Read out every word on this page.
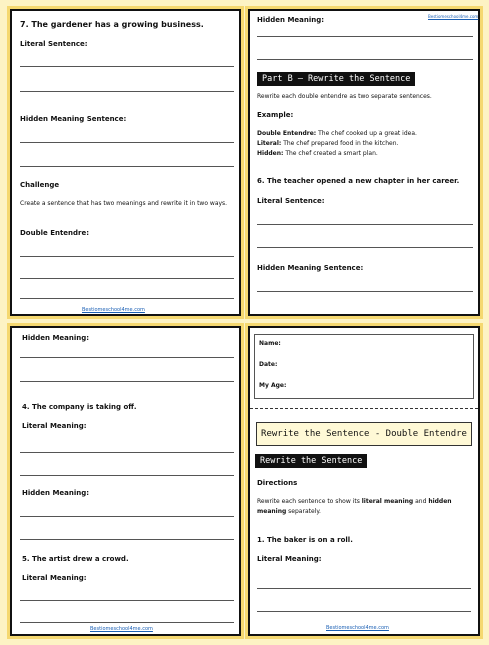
7. The gardener has a growing business.
Literal Sentence:
Hidden Meaning Sentence:
Challenge
Create a sentence that has two meanings and rewrite it in two ways.
Double Entendre:
Bestiomeschool4me.com
Hidden Meaning:	Bestiomeschool4me.com
Part B – Rewrite the Sentence
Rewrite each double entendre as two separate sentences.
Example:
Double Entendre: The chef cooked up a great idea.
Literal: The chef prepared food in the kitchen.
Hidden: The chef created a smart plan.
6. The teacher opened a new chapter in her career.
Literal Sentence:
Hidden Meaning Sentence:
Hidden Meaning:
4. The company is taking off.
Literal Meaning:
Hidden Meaning:
5. The artist drew a crowd.
Literal Meaning:
Bestiomeschool4me.com
Name:
Date:
My Age:
Rewrite the Sentence - Double Entendre
Rewrite the Sentence
Directions
Rewrite each sentence to show its literal meaning and hidden meaning separately.
1. The baker is on a roll.
Literal Meaning:
Bestiomeschool4me.com
